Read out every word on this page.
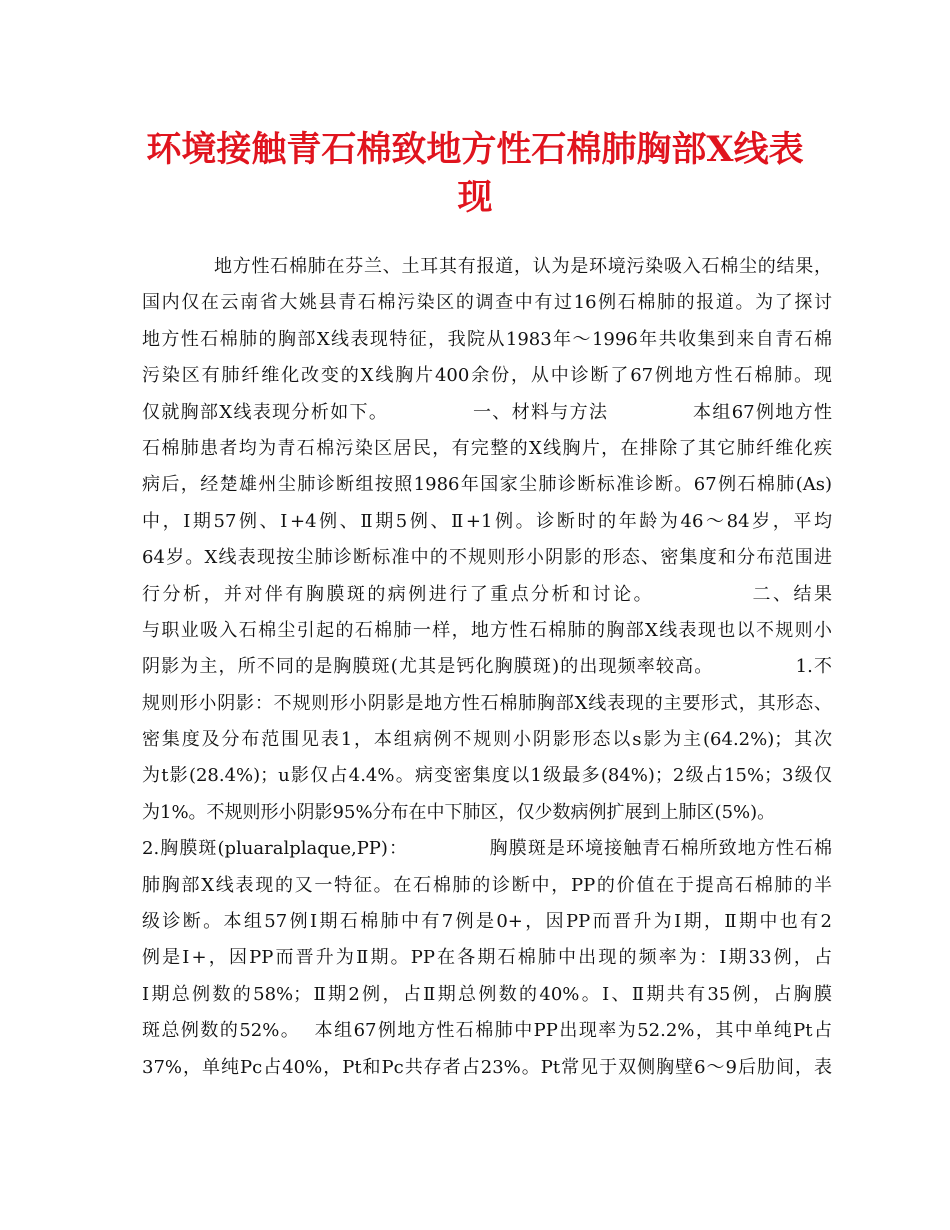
环境接触青石棉致地方性石棉肺胸部X线表
现
地方性石棉肺在芬兰、土耳其有报道，认为是环境污染吸入石棉尘的结果，
国内仅在云南省大姚县青石棉污染区的调查中有过16例石棉肺的报道。为了探讨
地方性石棉肺的胸部X线表现特征，我院从1983年～1996年共收集到来自青石棉
污染区有肺纤维化改变的X线胸片400余份，从中诊断了67例地方性石棉肺。现
仅就胸部X线表现分析如下。            一、材料与方法            本组67例地方性
石棉肺患者均为青石棉污染区居民，有完整的X线胸片，在排除了其它肺纤维化疾
病后，经楚雄州尘肺诊断组按照1986年国家尘肺诊断标准诊断。67例石棉肺(As)
中，Ⅰ期57例、Ⅰ+4例、Ⅱ期5例、Ⅱ+1例。诊断时的年龄为46～84岁，平均
64岁。X线表现按尘肺诊断标准中的不规则形小阴影的形态、密集度和分布范围进
行分析，并对伴有胸膜斑的病例进行了重点分析和讨论。            二、结果
与职业吸入石棉尘引起的石棉肺一样，地方性石棉肺的胸部X线表现也以不规则小
阴影为主，所不同的是胸膜斑(尤其是钙化胸膜斑)的出现频率较高。            1.不
规则形小阴影：不规则形小阴影是地方性石棉肺胸部X线表现的主要形式，其形态、
密集度及分布范围见表1，本组病例不规则小阴影形态以s影为主(64.2%)；其次
为t影(28.4%)；u影仅占4.4%。病变密集度以1级最多(84%)；2级占15%；3级仅
为1%。不规则形小阴影95%分布在中下肺区，仅少数病例扩展到上肺区(5%)。
2.胸膜斑(pluaralplaque,PP)：            胸膜斑是环境接触青石棉所致地方性石棉
肺胸部X线表现的又一特征。在石棉肺的诊断中，PP的价值在于提高石棉肺的半
级诊断。本组57例Ⅰ期石棉肺中有7例是0+，因PP而晋升为Ⅰ期，Ⅱ期中也有2
例是Ⅰ+，因PP而晋升为Ⅱ期。PP在各期石棉肺中出现的频率为：Ⅰ期33例，占
Ⅰ期总例数的58%；Ⅱ期2例，占Ⅱ期总例数的40%。Ⅰ、Ⅱ期共有35例，占胸膜
斑总例数的52%。  本组67例地方性石棉肺中PP出现率为52.2%，其中单纯Pt占
37%，单纯Pc占40%，Pt和Pc共存者占23%。Pt常见于双侧胸壁6～9后肋间，表
